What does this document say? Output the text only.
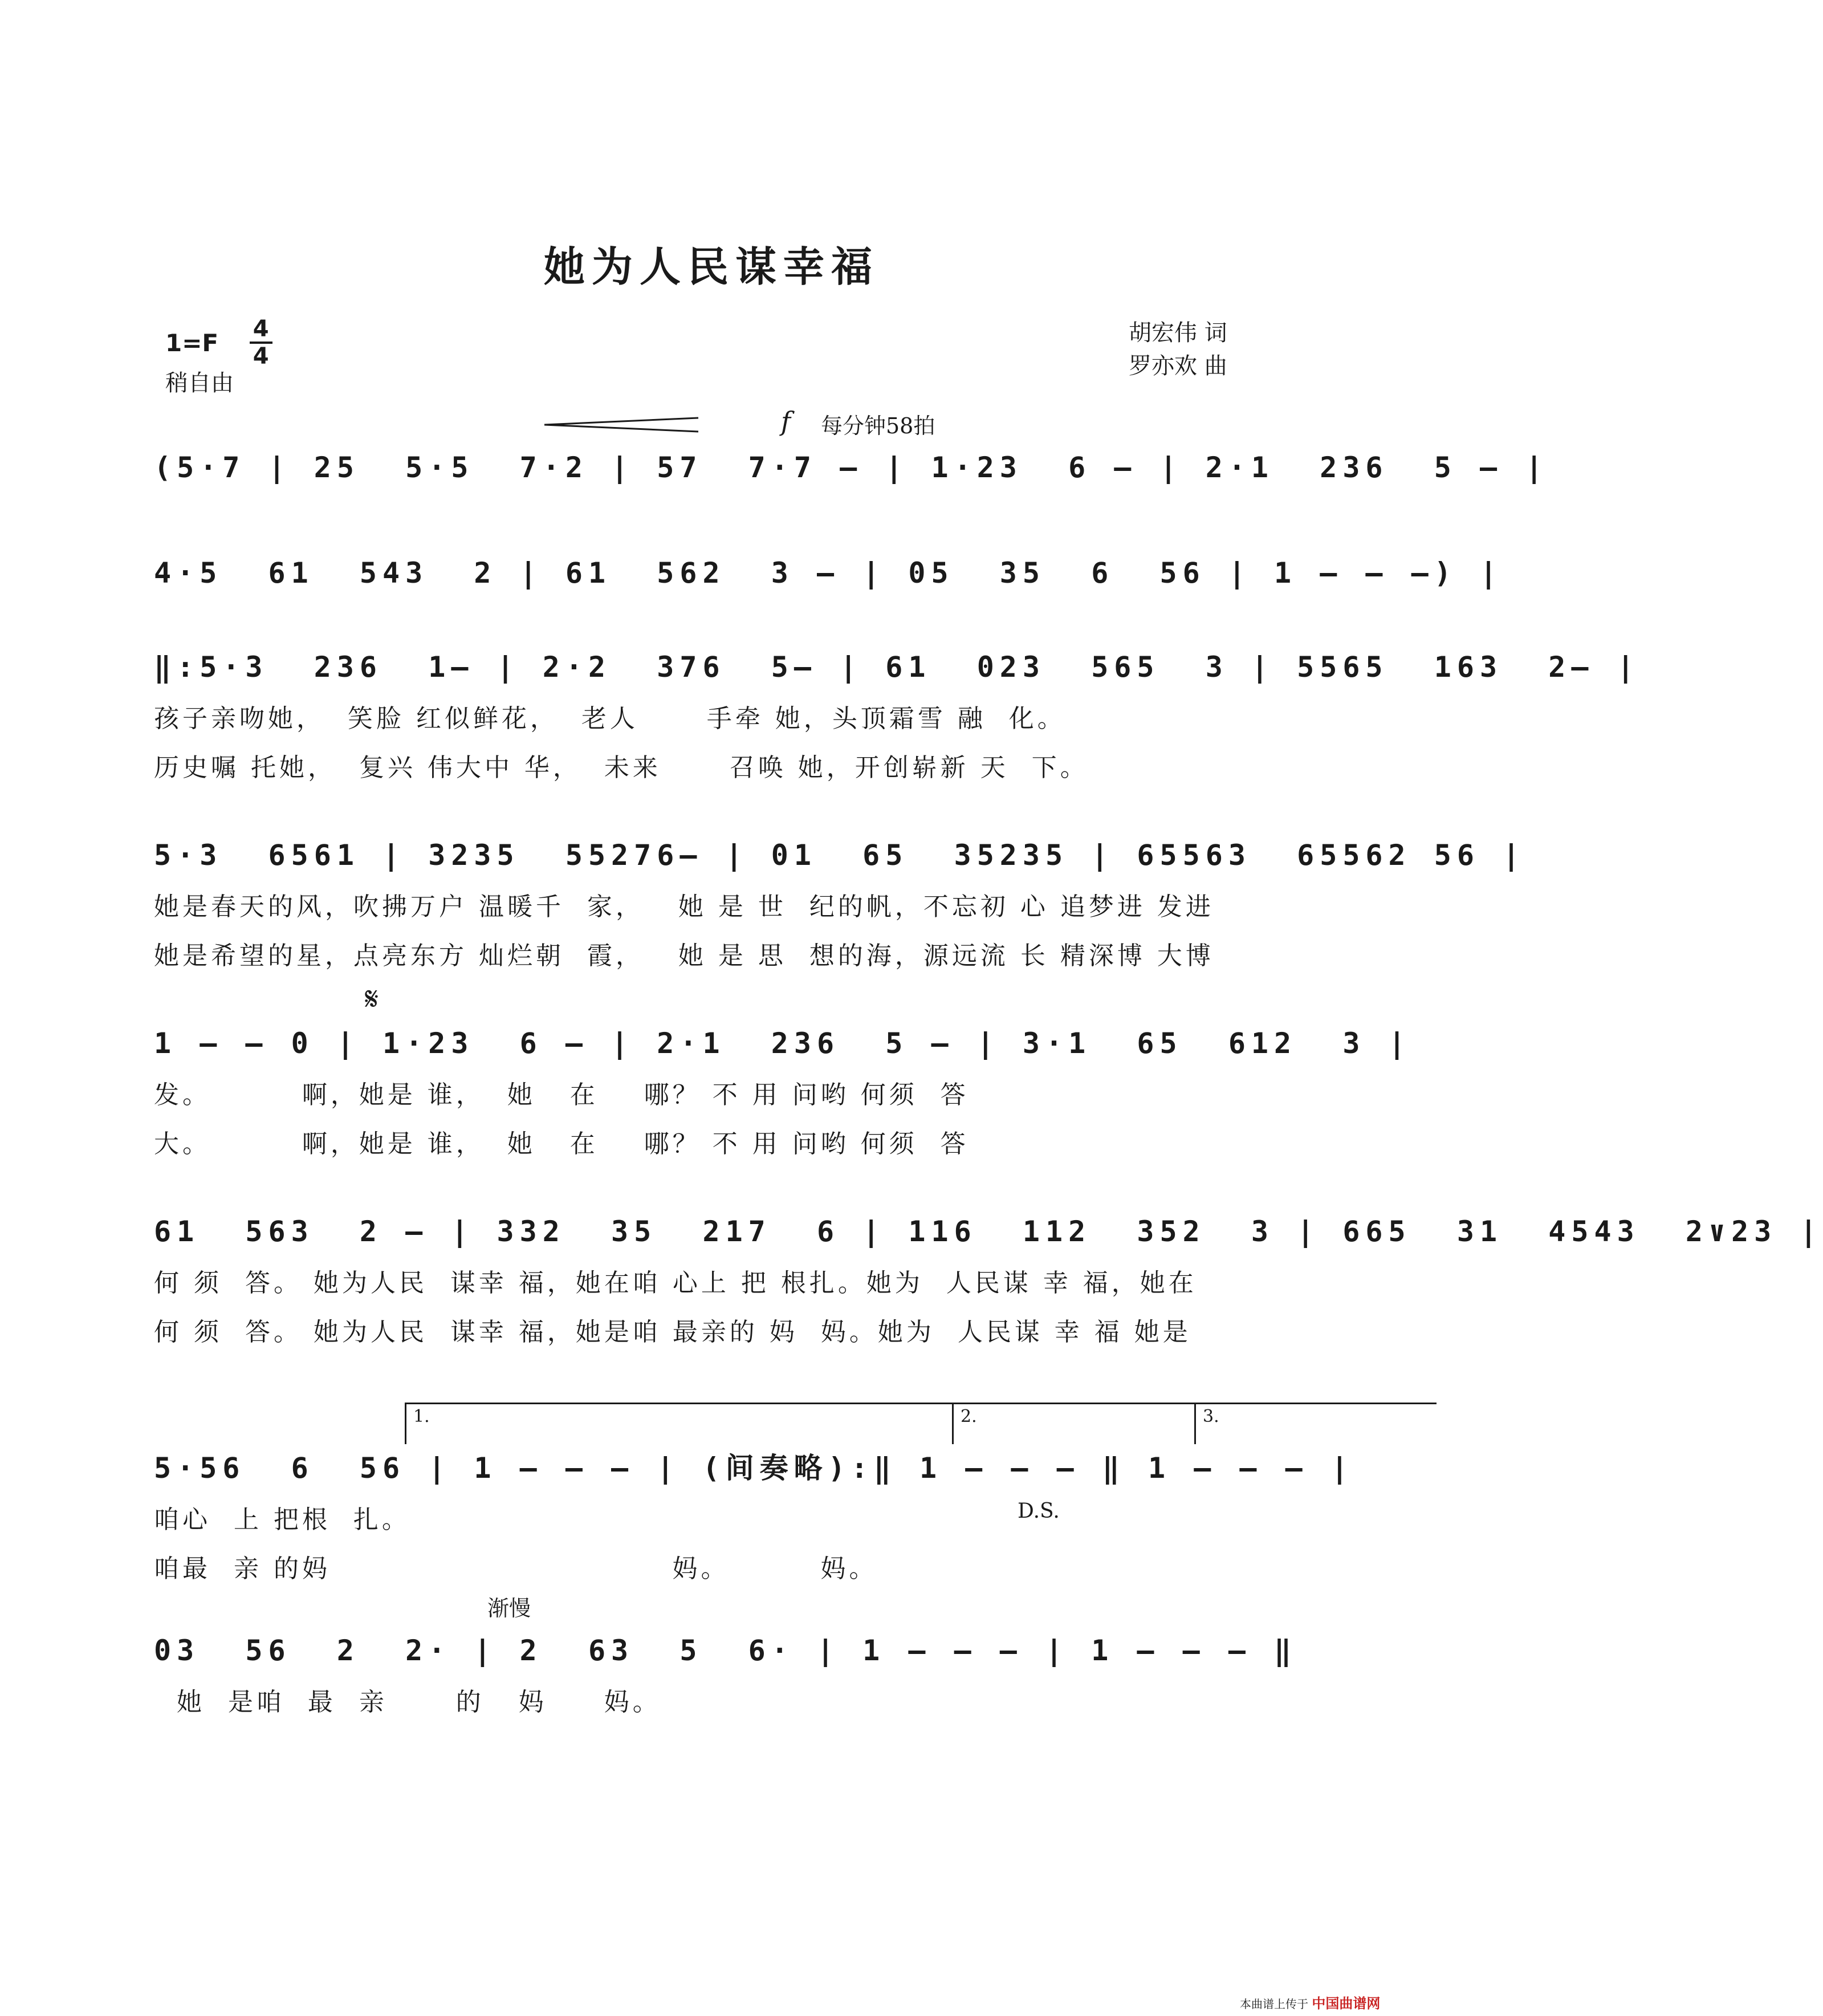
她为人民谋幸福
$1=F \frac{4}{4}$
稍自由
胡宏伟 词
罗亦欢 曲
f 每分钟58拍
𝄋
(5·7 | 25  5·5  7·2 | 57  7·7 — | 1·23  6 — | 2·1  236  5 — |
4·5  61  543  2 | 61  562  3 — | 05  35  6  56 | 1 — — —) |
‖:5·3  236  1— | 2·2  376  5— | 61  023  565  3 | 5565  163  2— |
孩子亲吻她，  笑脸 红似鲜花，  老人      手牵 她，头顶霜雪 融  化。
历史嘱 托她，  复兴 伟大中 华，  未来      召唤 她，开创崭新 天  下。
5·3  6561 | 3235  55276— | 01  65  35235 | 65563  65562 56 |
她是春天的风，吹拂万户 温暖千  家，   她 是 世  纪的帆，不忘初 心 追梦进 发进
她是希望的星，点亮东方 灿烂朝  霞，   她 是 思  想的海，源远流 长 精深博 大博
1 — — 0 | 1·23  6 — | 2·1  236  5 — | 3·1  65  612  3 |
发。        啊，她是 谁，  她   在    哪？ 不 用 问哟 何须  答
大。        啊，她是 谁，  她   在    哪？ 不 用 问哟 何须  答
61  563  2 — | 332  35  217  6 | 116  112  352  3 | 665  31  4543  2∨23 |
何 须  答。 她为人民  谋幸 福，她在咱 心上 把 根扎。她为  人民谋 幸 福，她在
何 须  答。 她为人民  谋幸 福，她是咱 最亲的 妈  妈。她为  人民谋 幸 福 她是
1.	2.	3.
5·56  6  56 | 1 — — — | (间奏略):‖ 1 — — — ‖ 1 — — — |
咱心  上 把根  扎。	D.S.
咱最  亲 的妈                              妈。        妈。
渐慢
03  56  2  2· | 2  63  5  6· | 1 — — — | 1 — — — ‖
她  是咱  最  亲      的   妈     妈。
本曲谱上传于 中国曲谱网
